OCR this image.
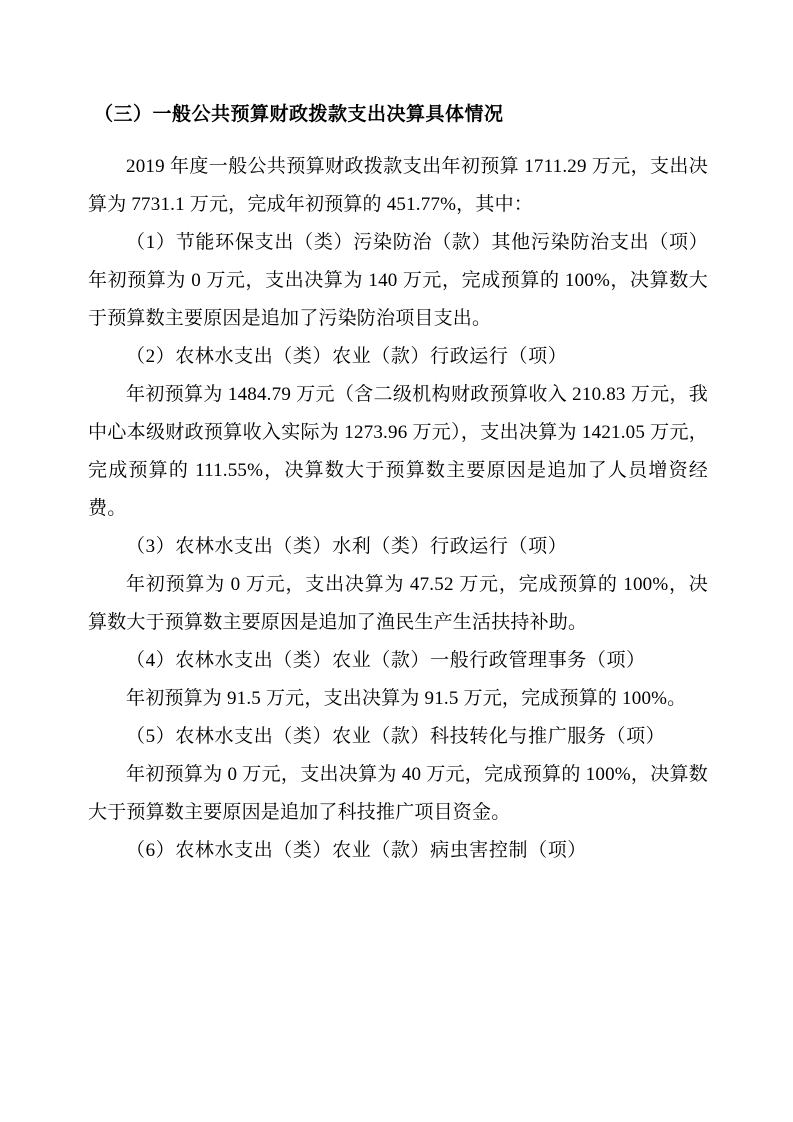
（三）一般公共预算财政拨款支出决算具体情况

2019 年度一般公共预算财政拨款支出年初预算 1711.29 万元，支出决算为 7731.1 万元，完成年初预算的 451.77%，其中：

（1）节能环保支出（类）污染防治（款）其他污染防治支出（项）年初预算为 0 万元，支出决算为 140 万元，完成预算的 100%，决算数大于预算数主要原因是追加了污染防治项目支出。

（2）农林水支出（类）农业（款）行政运行（项）

年初预算为 1484.79 万元（含二级机构财政预算收入 210.83 万元，我中心本级财政预算收入实际为 1273.96 万元），支出决算为 1421.05 万元，完成预算的 111.55%，决算数大于预算数主要原因是追加了人员增资经费。

（3）农林水支出（类）水利（类）行政运行（项）

年初预算为 0 万元，支出决算为 47.52 万元，完成预算的 100%，决算数大于预算数主要原因是追加了渔民生产生活扶持补助。

（4）农林水支出（类）农业（款）一般行政管理事务（项）

年初预算为 91.5 万元，支出决算为 91.5 万元，完成预算的 100%。

（5）农林水支出（类）农业（款）科技转化与推广服务（项）

年初预算为 0 万元，支出决算为 40 万元，完成预算的 100%，决算数大于预算数主要原因是追加了科技推广项目资金。

（6）农林水支出（类）农业（款）病虫害控制（项）
